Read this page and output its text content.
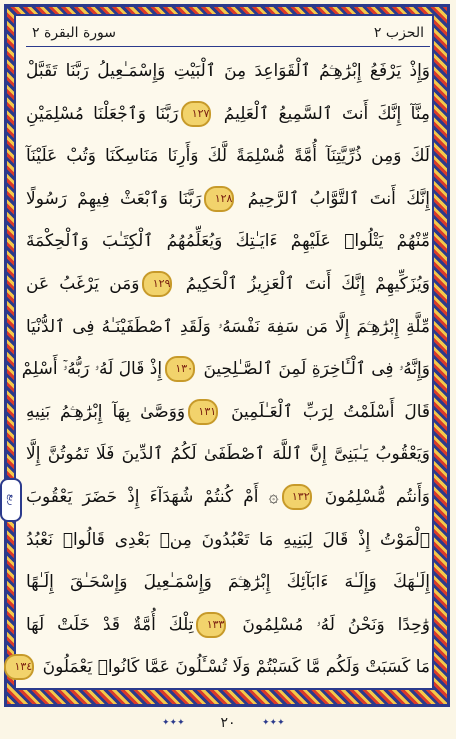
الحزب ٢
سورة البقرة ٢
وَإِذْ يَرْفَعُ إِبْرَٰهِـۧمُ ٱلْقَوَاعِدَ مِنَ ٱلْبَيْتِ وَإِسْمَـٰعِيلُ رَبَّنَا تَقَبَّلْ
مِنَّآ إِنَّكَ أَنتَ ٱلسَّمِيعُ ٱلْعَلِيمُ ١٢٧رَبَّنَا وَٱجْعَلْنَا مُسْلِمَيْنِ
لَكَ وَمِن ذُرِّيَّتِنَآ أُمَّةً مُّسْلِمَةً لَّكَ وَأَرِنَا مَنَاسِكَنَا وَتُبْ عَلَيْنَآ
إِنَّكَ أَنتَ ٱلتَّوَّابُ ٱلرَّحِيمُ ١٢٨رَبَّنَا وَٱبْعَثْ فِيهِمْ رَسُولًا
مِّنْهُمْ يَتْلُوا۟ عَلَيْهِمْ ءَايَـٰتِكَ وَيُعَلِّمُهُمُ ٱلْكِتَـٰبَ وَٱلْحِكْمَةَ
وَيُزَكِّيهِمْ إِنَّكَ أَنتَ ٱلْعَزِيزُ ٱلْحَكِيمُ ١٢٩وَمَن يَرْغَبُ عَن
مِّلَّةِ إِبْرَٰهِـۧمَ إِلَّا مَن سَفِهَ نَفْسَهُۥ وَلَقَدِ ٱصْطَفَيْنَـٰهُ فِى ٱلدُّنْيَا
وَإِنَّهُۥ فِى ٱلْـَٔاخِرَةِ لَمِنَ ٱلصَّـٰلِحِينَ ١٣٠إِذْ قَالَ لَهُۥ رَبُّهُۥٓ أَسْلِمْ
قَالَ أَسْلَمْتُ لِرَبِّ ٱلْعَـٰلَمِينَ ١٣١وَوَصَّىٰ بِهَآ إِبْرَٰهِـۧمُ بَنِيهِ
وَيَعْقُوبُ يَـٰبَنِىَّ إِنَّ ٱللَّهَ ٱصْطَفَىٰ لَكُمُ ٱلدِّينَ فَلَا تَمُوتُنَّ إِلَّا
وَأَنتُم مُّسْلِمُونَ ١٣٢۞ أَمْ كُنتُمْ شُهَدَآءَ إِذْ حَضَرَ يَعْقُوبَ
ٱلْمَوْتُ إِذْ قَالَ لِبَنِيهِ مَا تَعْبُدُونَ مِنۢ بَعْدِى قَالُوا۟ نَعْبُدُ
إِلَـٰهَكَ وَإِلَـٰهَ ءَابَآئِكَ إِبْرَٰهِـۧمَ وَإِسْمَـٰعِيلَ وَإِسْحَـٰقَ إِلَـٰهًا
وَٰحِدًا وَنَحْنُ لَهُۥ مُسْلِمُونَ ١٣٣تِلْكَ أُمَّةٌ قَدْ خَلَتْ لَهَا
مَا كَسَبَتْ وَلَكُم مَّا كَسَبْتُمْ وَلَا تُسْـَٔلُونَ عَمَّا كَانُوا۟ يَعْمَلُونَ ١٣٤
ربع
✦✦✦	٢٠	✦✦✦
